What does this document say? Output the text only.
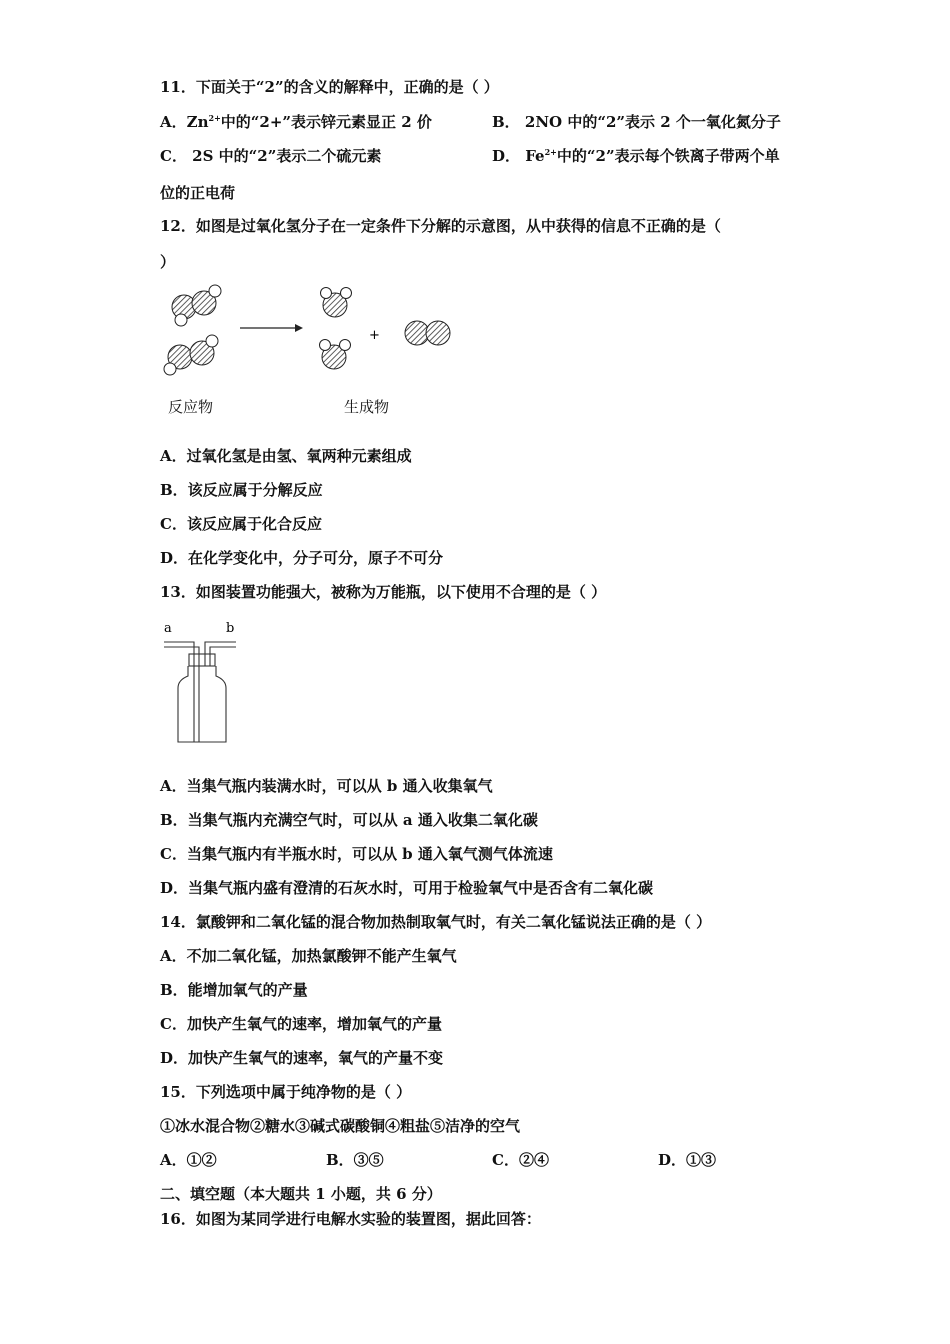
11．下面关于“2”的含义的解释中，正确的是（ ）
A．$Zn^{2+}$中的“2+”表示锌元素显正 2 价	B． 2NO 中的“2”表示 2 个一氧化氮分子
C． 2S 中的“2”表示二个硫元素	D． $Fe^{2+}$中的“2”表示每个铁离子带两个单
位的正电荷
12．如图是过氧化氢分子在一定条件下分解的示意图，从中获得的信息不正确的是（
）
+
反应物	生成物
A．过氧化氢是由氢、氧两种元素组成
B．该反应属于分解反应
C．该反应属于化合反应
D．在化学变化中，分子可分，原子不可分
13．如图装置功能强大，被称为万能瓶，以下使用不合理的是（ ）
a	b
A．当集气瓶内装满水时，可以从 b 通入收集氧气
B．当集气瓶内充满空气时，可以从 a 通入收集二氧化碳
C．当集气瓶内有半瓶水时，可以从 b 通入氧气测气体流速
D．当集气瓶内盛有澄清的石灰水时，可用于检验氧气中是否含有二氧化碳
14．氯酸钾和二氧化锰的混合物加热制取氧气时，有关二氧化锰说法正确的是（ ）
A．不加二氧化锰，加热氯酸钾不能产生氧气
B．能增加氧气的产量
C．加快产生氧气的速率，增加氧气的产量
D．加快产生氧气的速率，氧气的产量不变
15．下列选项中属于纯净物的是（ ）
①冰水混合物②糖水③碱式碳酸铜④粗盐⑤洁净的空气
A．①②	B．③⑤	C．②④	D．①③
二、填空题（本大题共 1 小题，共 6 分）
16．如图为某同学进行电解水实验的装置图，据此回答：
